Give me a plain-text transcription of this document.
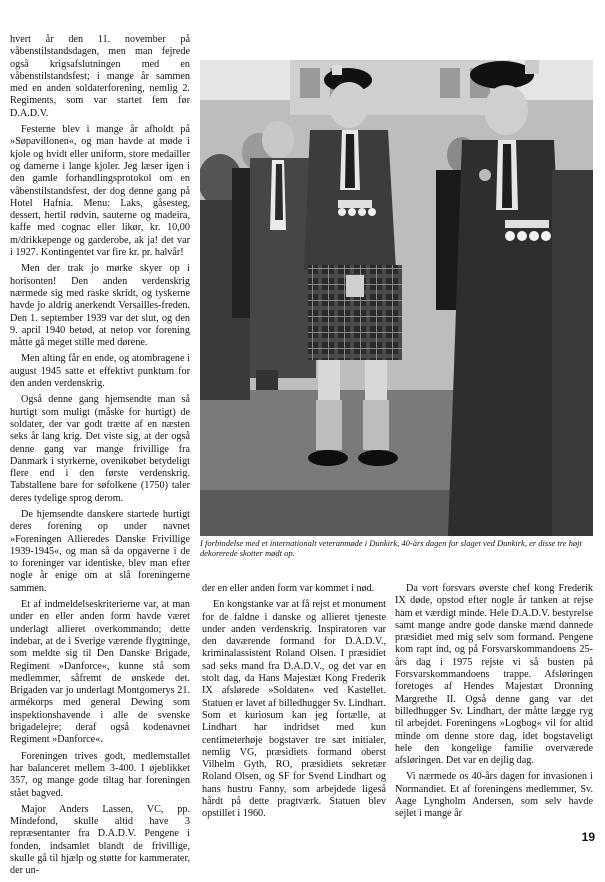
hvert år den 11. november på våbenstilstandsdagen, men man fejrede også krigsafslutningen med en våbenstilstandsfest; i mange år sammen med en anden soldaterforening, nemlig 2. Regiments, som var startet fem før D.A.D.V.

Festerne blev i mange år afholdt på »Søpavillonen«, og man havde at møde i kjole og hvidt eller uniform, store medailler og damerne i lange kjoler. Jeg læser igen i den gamle forhandlingsprotokol om en våbenstilstandsfest, der dog denne gang på Hotel Hafnia. Menu: Laks, gåsesteg, dessert, hertil rødvin, sauterne og madeira, kaffe med cognac eller likør, kr. 10,00 m/drikkepenge og garderobe, ak ja! det var i 1927. Kontingentet var fire kr. pr. halvår!

Men der trak jo mørke skyer op i horisonten! Den anden verdenskrig nærmede sig med raske skridt, og tyskerne havde jo aldrig anerkendt Versailles-freden. Den 1. september 1939 var det slut, og den 9. april 1940 betød, at netop vor forening måtte gå meget stille med dørene.

Men alting får en ende, og atombragene i august 1945 satte et effektivt punktum for den anden verdenskrig.

Også denne gang hjemsendte man så hurtigt som muligt (måske for hurtigt) de soldater, der var godt trætte af en næsten seks år lang krig. Det viste sig, at der også denne gang var mange frivillige fra Danmark i styrkerne, ovenikøbet betydeligt flere end i den første verdenskrig. Tabstallene bare for søfolkene (1750) taler deres tydelige sprog derom.

De hjemsendte danskere startede hurtigt deres forening op under navnet »Foreningen Allieredes Danske Frivillige 1939-1945«, og man så da opgaverne i de to foreninger var identiske, blev man efter nogle år enige om at slå foreningerne sammen.

Et af indmeldelseskriterierne var, at man under en eller anden form havde været underlagt allieret overkommando; dette indebar, at de i Sverige værende flygtninge, som meldte sig til Den Danske Brigade, Regiment »Danforce«, kunne stå som medlemmer, såfremt de ønskede det. Brigaden var jo underlagt Montgomerys 21. armékorps med general Dewing som inspektionshavende i alle de svenske brigadelejre; deraf også kodenavnet Regiment »Danforce«.

Foreningen trives godt, medlemstallet har balanceret mellem 3-400. I øjeblikket 357, og mange gode tiltag har foreningen stået bagved.

Major Anders Lassen, VC, pp. Mindefond, skulle altid have 3 repræsentanter fra D.A.D.V. Pengene i fonden, indsamlet blandt de frivillige, skulle gå til hjælp og støtte for kammerater, der un-

I forbindelse med et internationalt veteranmøde i Dunkirk, 40-års dagen for slaget ved Dunkirk, er disse tre højt dekorerede skotter mødt op.

der en eller anden form var kommet i nød.

En kongstanke var at få rejst et monument for de faldne i danske og allieret tjeneste under anden verdenskrig. Inspiratoren var den daværende formand for D.A.D.V., kriminalassistent Roland Olsen. I præsidiet sad seks mand fra D.A.D.V., og det var en stolt dag, da Hans Majestæt Kong Frederik IX afslørede »Soldaten« ved Kastellet. Statuen er lavet af billedhugger Sv. Lindhart. Som et kuriosum kan jeg fortælle, at Lindhart har indridset med kun centimeterhøje bogstaver tre sæt initialer, nemlig VG, præsidiets formand oberst Vilhelm Gyth, RO, præsidiets sekretær Roland Olsen, og SF for Svend Lindhart og hans hustru Fanny, som arbejdede ligeså hårdt på dette pragtværk. Statuen blev opstillet i 1960.

Da vort forsvars øverste chef kong Frederik IX døde, opstod efter nogle år tanken at rejse ham et værdigt minde. Hele D.A.D.V. bestyrelse samt mange andre gode danske mænd dannede præsidiet med mig selv som formand. Pengene kom rapt ind, og på Forsvarskommandoens 25-års dag i 1975 rejste vi så busten på Forsvarskommandoens trappe. Afsløringen foretoges af Hendes Majestæt Dronning Margrethe II. Også denne gang var det billedhugger Sv. Lindhart, der måtte lægge ryg til arbejdet. Foreningens »Logbog« vil for altid minde om denne store dag, idet bogstaveligt hele den kongelige familie overværede afsløringen. Det var en dejlig dag.

Vi nærmede os 40-års dagen for invasionen i Normandiet. Et af foreningens medlemmer, Sv. Aage Lyngholm Andersen, som selv havde sejlet i mange år

19
